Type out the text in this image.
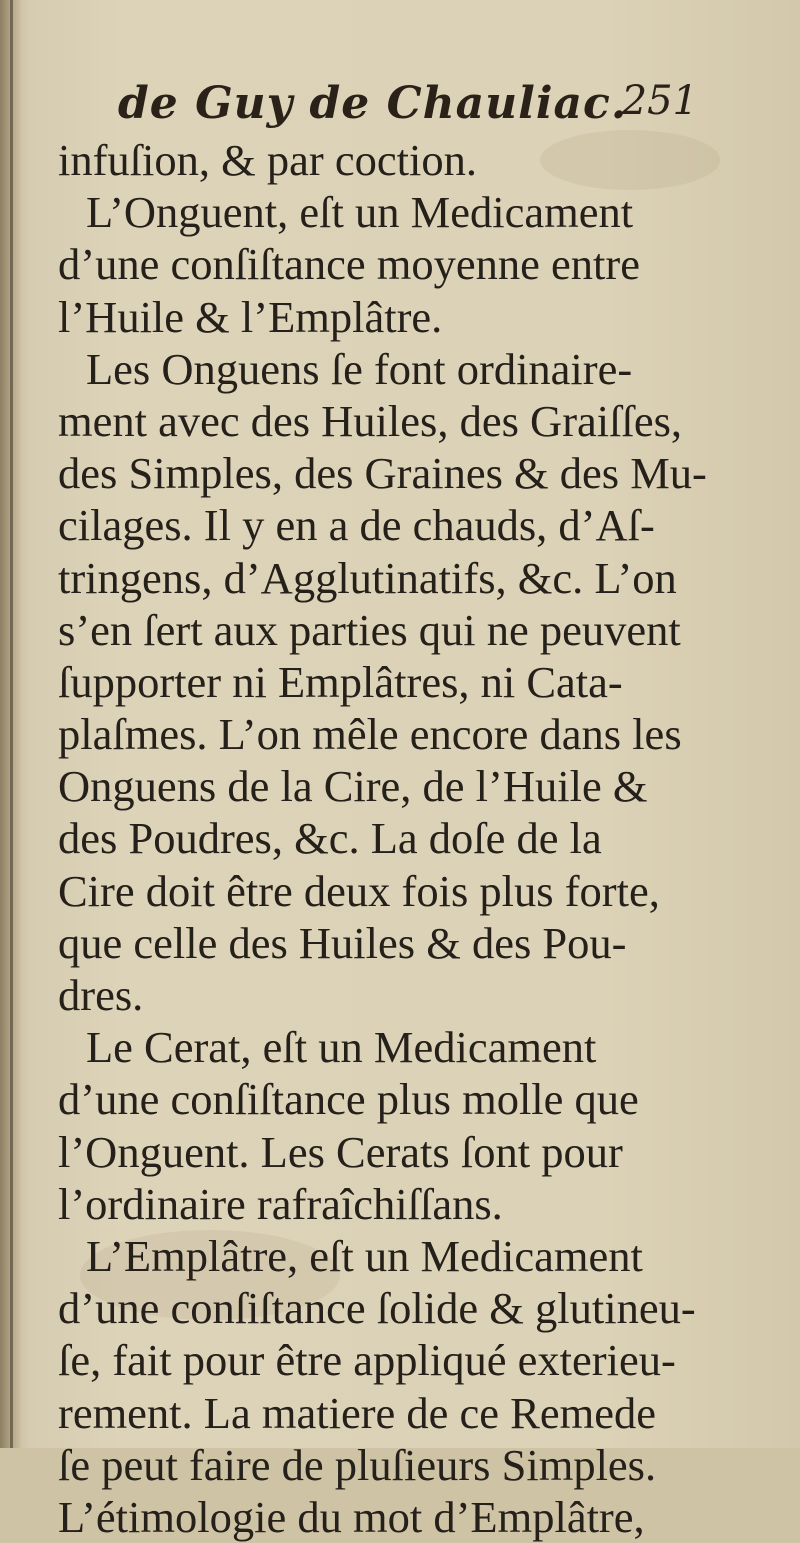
de Guy de Chauliac.
251
infuſion, & par coction.
L’Onguent, eſt un Medicament
d’une conſiſtance moyenne entre
l’Huile & l’Emplâtre.
Les Onguens ſe font ordinaire-
ment avec des Huiles, des Graiſſes,
des Simples, des Graines & des Mu-
cilages. Il y en a de chauds, d’Aſ-
tringens, d’Agglutinatifs, &c. L’on
s’en ſert aux parties qui ne peuvent
ſupporter ni Emplâtres, ni Cata-
plaſmes. L’on mêle encore dans les
Onguens de la Cire, de l’Huile &
des Poudres, &c. La doſe de la
Cire doit être deux fois plus forte,
que celle des Huiles & des Pou-
dres.
Le Cerat, eſt un Medicament
d’une conſiſtance plus molle que
l’Onguent. Les Cerats ſont pour
l’ordinaire rafraîchiſſans.
L’Emplâtre, eſt un Medicament
d’une conſiſtance ſolide & glutineu-
ſe, fait pour être appliqué exterieu-
rement. La matiere de ce Remede
ſe peut faire de pluſieurs Simples.
L’étimologie du mot d’Emplâtre,
